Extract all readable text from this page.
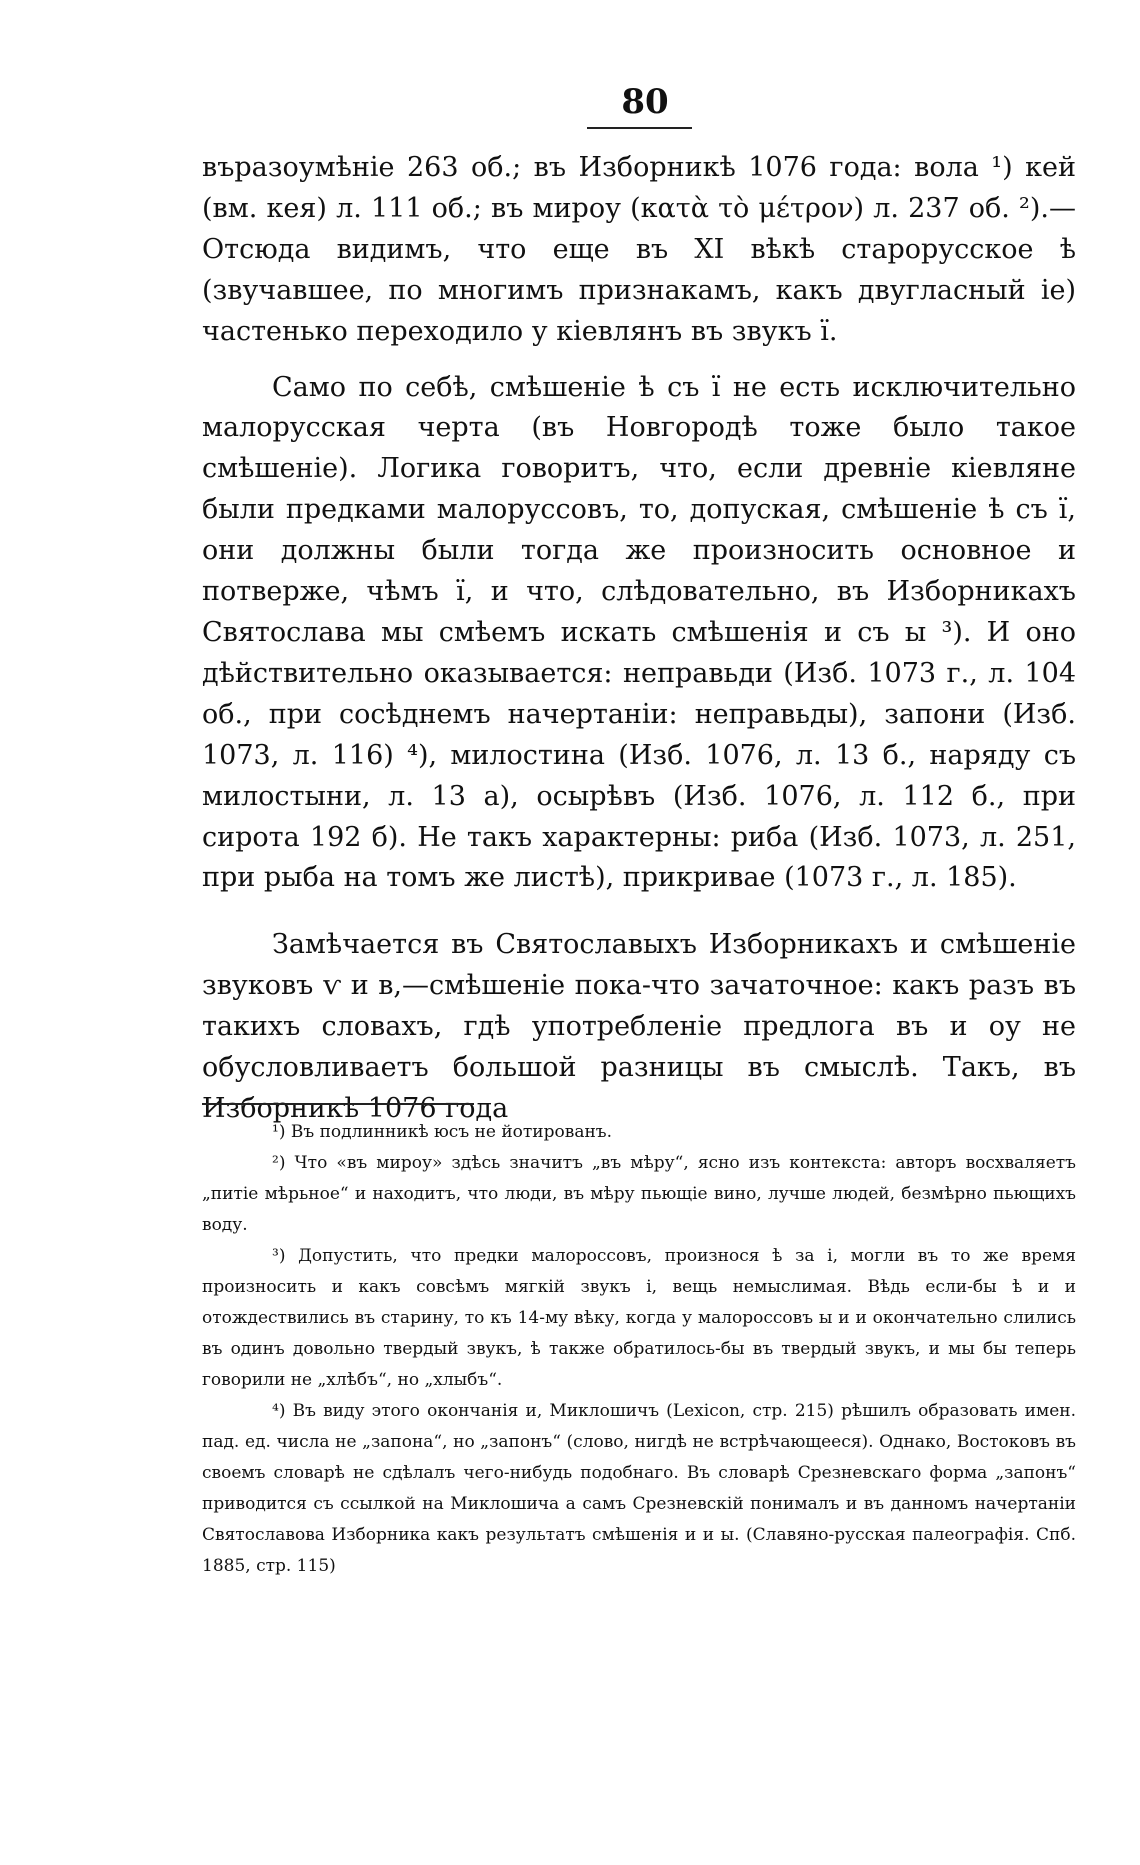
80

въразоумѣніе 263 об.; въ Изборникѣ 1076 года: вола ¹) кей (вм. кея) л. 111 об.; въ мироу (κατὰ τὸ μέτρον) л. 237 об. ²).— Отсюда видимъ, что еще въ XI вѣкѣ старорусское ѣ (звучавшее, по многимъ признакамъ, какъ двугласный іе) частенько переходило у кіевлянъ въ звукъ ї.

Само по себѣ, смѣшеніе ѣ съ ї не есть исключительно малорусская черта (въ Новгородѣ тоже было такое смѣшеніе). Логика говоритъ, что, если древніе кіевляне были предками малоруссовъ, то, допуская, смѣшеніе ѣ съ ї, они должны были тогда же произносить основное и потверже, чѣмъ ї, и что, слѣдовательно, въ Изборникахъ Святослава мы смѣемъ искать смѣшенія и съ ы ³). И оно дѣйствительно оказывается: неправьди (Изб. 1073 г., л. 104 об., при сосѣднемъ начертаніи: неправьды), запони (Изб. 1073, л. 116) ⁴), милостина (Изб. 1076, л. 13 б., наряду съ милостыни, л. 13 а), осырѣвъ (Изб. 1076, л. 112 б., при сирота 192 б). Не такъ характерны: риба (Изб. 1073, л. 251, при рыба на томъ же листѣ), прикривае (1073 г., л. 185).

Замѣчается въ Святославыхъ Изборникахъ и смѣшеніе звуковъ ѵ и в,—смѣшеніе пока-что зачаточное: какъ разъ въ такихъ словахъ, гдѣ употребленіе предлога въ и оу не обусловливаетъ большой разницы въ смыслѣ. Такъ, въ Изборникѣ 1076 года

¹) Въ подлинникѣ юсъ не йотированъ.

²) Что «въ мироу» здѣсь значитъ „въ мѣру“, ясно изъ контекста: авторъ восхваляетъ „питіе мѣрьное“ и находитъ, что люди, въ мѣру пьющіе вино, лучше людей, безмѣрно пьющихъ воду.

³) Допустить, что предки малороссовъ, произнося ѣ за і, могли въ то же время произносить и какъ совсѣмъ мягкій звукъ і, вещь немыслимая. Вѣдь если-бы ѣ и и отождествились въ старину, то къ 14-му вѣку, когда у малороссовъ ы и и окончательно слились въ одинъ довольно твердый звукъ, ѣ также обратилось-бы въ твердый звукъ, и мы бы теперь говорили не „хлѣбъ“, но „хлыбъ“.

⁴) Въ виду этого окончанія и, Миклошичъ (Lexicon, стр. 215) рѣшилъ образовать имен. пад. ед. числа не „запона“, но „запонъ“ (слово, нигдѣ не встрѣчающееся). Однако, Востоковъ въ своемъ словарѣ не сдѣлалъ чего-нибудь подобнаго. Въ словарѣ Срезневскаго форма „запонъ“ приводится съ ссылкой на Миклошича а самъ Срезневскій понималъ и въ данномъ начертаніи Святославова Изборника какъ результатъ смѣшенія и и ы. (Славяно-русская палеографія. Спб. 1885, стр. 115)
